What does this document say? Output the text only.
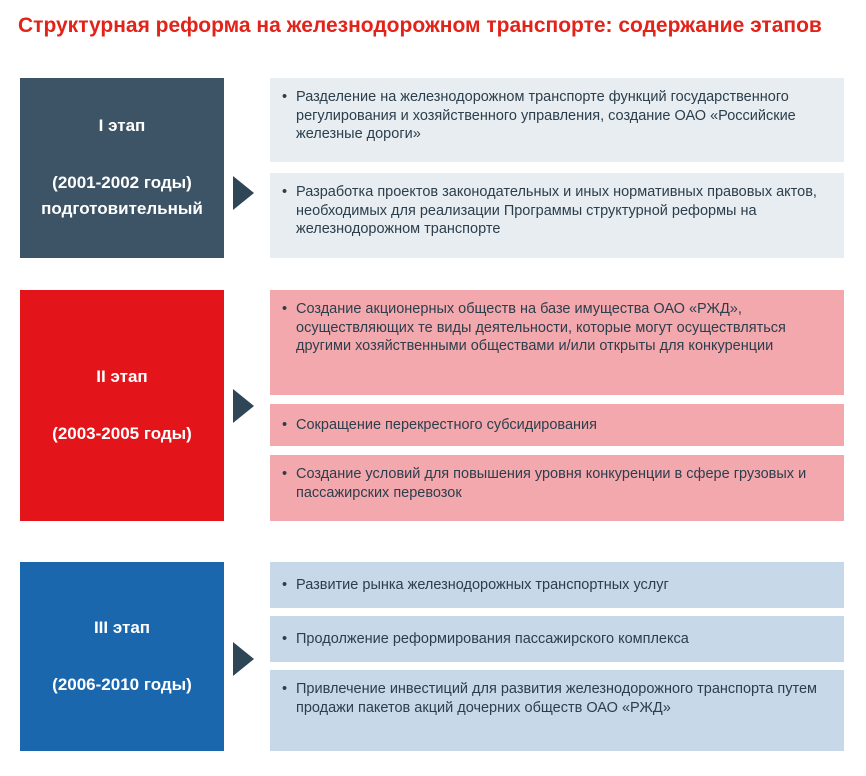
Структурная реформа на железнодорожном транспорте: содержание этапов
I этап
(2001-2002 годы)
подготовительный
• Разделение на железнодорожном транспорте функций государственного регулирования и хозяйственного управления, создание ОАО «Российские железные дороги»
• Разработка проектов законодательных и иных нормативных правовых актов, необходимых для реализации Программы структурной реформы на железнодорожном транспорте
II этап
(2003-2005 годы)
• Создание акционерных обществ на базе имущества ОАО «РЖД», осуществляющих те виды деятельности, которые могут осуществляться другими хозяйственными обществами и/или открыты для конкуренции
• Сокращение перекрестного субсидирования
• Создание условий для повышения уровня конкуренции в сфере грузовых и пассажирских перевозок
III этап
(2006-2010 годы)
• Развитие рынка железнодорожных транспортных услуг
• Продолжение реформирования пассажирского комплекса
• Привлечение инвестиций для развития железнодорожного транспорта путем продажи пакетов акций дочерних обществ ОАО «РЖД»
